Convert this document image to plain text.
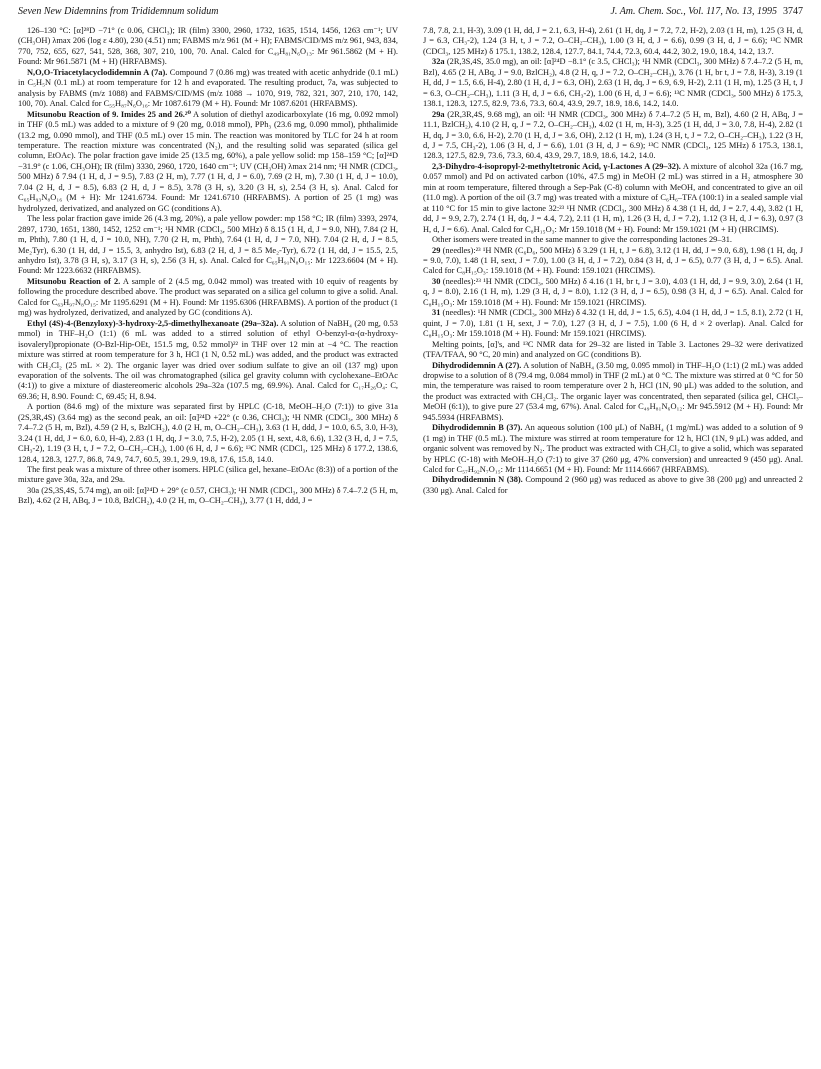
Seven New Didemnins from Trididemnum solidum	J. Am. Chem. Soc., Vol. 117, No. 13, 1995 3747

126–130 °C: [α]²⁸D −71° (c 0.06, CHCl₃); IR (film) 3300, 2960, 1732, 1635, 1514, 1456, 1263 cm⁻¹; UV (CH₃OH) λmax 206 (log ε 4.80), 230 (4.51) nm; FABMS m/z 961 (M + H); FABMS/CID/MS m/z 961, 943, 834, 770, 752, 655, 627, 541, 528, 368, 307, 210, 100, 70. Anal. Calcd for C₄₉H₈₁N₆O₁₃: Mr 961.5862 (M + H). Found: Mr 961.5871 (M + H) (HRFABMS).

N,O,O-Triacetylacyclodidemnin A (7a). Compound 7 (0.86 mg) was treated with acetic anhydride (0.1 mL) in C₅H₅N (0.1 mL) at room temperature for 12 h and evaporated. The resulting product, 7a, was subjected to analysis by FABMS (m/z 1088) and FABMS/CID/MS (m/z 1088 → 1070, 919, 782, 321, 307, 210, 170, 142, 100, 70). Anal. Calcd for C₅₅H₈₇N₆O₁₆: Mr 1087.6179 (M + H). Found: Mr 1087.6201 (HRFABMS).

Mitsunobu Reaction of 9. Imides 25 and 26.²⁰ A solution of diethyl azodicarboxylate (16 mg, 0.092 mmol) in THF (0.5 mL) was added to a mixture of 9 (20 mg, 0.018 mmol), PPh₃ (23.6 mg, 0.090 mmol), phthalimide (13.2 mg, 0.090 mmol), and THF (0.5 mL) over 15 min. The reaction was monitored by TLC for 24 h at room temperature. The reaction mixture was concentrated (N₂), and the resulting solid was separated (silica gel column, EtOAc). The polar fraction gave imide 25 (13.5 mg, 60%), a pale yellow solid: mp 158–159 °C; [α]²⁴D −31.9° (c 1.06, CH₃OH); IR (film) 3330, 2960, 1720, 1640 cm⁻¹; UV (CH₃OH) λmax 214 nm; ¹H NMR (CDCl₃, 500 MHz) δ 7.94 (1 H, d, J = 9.5), 7.83 (2 H, m), 7.77 (1 H, d, J = 6.0), 7.69 (2 H, m), 7.30 (1 H, d, J = 10.0), 7.04 (2 H, d, J = 8.5), 6.83 (2 H, d, J = 8.5), 3.78 (3 H, s), 3.20 (3 H, s), 2.54 (3 H, s). Anal. Calcd for C₆₅H₉₃N₈O₁₆ (M + H): Mr 1241.6734. Found: Mr 1241.6710 (HRFABMS). A portion of 25 (1 mg) was hydrolyzed, derivatized, and analyzed on GC (conditions A).

The less polar fraction gave imide 26 (4.3 mg, 20%), a pale yellow powder: mp 158 °C; IR (film) 3393, 2974, 2897, 1730, 1651, 1380, 1452, 1252 cm⁻¹; ¹H NMR (CDCl₃, 500 MHz) δ 8.15 (1 H, d, J = 9.0, NH), 7.84 (2 H, m, Phth), 7.80 (1 H, d, J = 10.0, NH), 7.70 (2 H, m, Phth), 7.64 (1 H, d, J = 7.0, NH). 7.04 (2 H, d, J = 8.5, Me₂Tyr), 6.30 (1 H, dd, J = 15.5, 3, anhydro Ist), 6.83 (2 H, d, J = 8.5 Me₂-Tyr), 6.72 (1 H, dd, J = 15.5, 2.5, anhydro Ist), 3.78 (3 H, s), 3.17 (3 H, s), 2.56 (3 H, s). Anal. Calcd for C₆₅H₉₁N₈O₁₅: Mr 1223.6604 (M + H). Found: Mr 1223.6632 (HRFABMS).

Mitsunobu Reaction of 2. A sample of 2 (4.5 mg, 0.042 mmol) was treated with 10 equiv of reagents by following the procedure described above. The product was separated on a silica gel column to give a solid. Anal. Calcd for C₆₃H₉₇N₈O₁₅: Mr 1195.6291 (M + H). Found: Mr 1195.6306 (HRFABMS). A portion of the product (1 mg) was hydrolyzed, derivatized, and analyzed by GC (conditions A).

Ethyl (4S)-4-(Benzyloxy)-3-hydroxy-2,5-dimethylhexanoate (29a–32a). A solution of NaBH₄ (20 mg, 0.53 mmol) in THF–H₂O (1:1) (6 mL was added to a stirred solution of ethyl O-benzyl-α-(α-hydroxy-isovaleryl)propionate (O-Bzl-Hip-OEt, 151.5 mg, 0.52 mmol)²² in THF over 12 min at −4 °C. The reaction mixture was stirred at room temperature for 3 h, HCl (1 N, 0.52 mL) was added, and the product was extracted with CH₂Cl₂ (25 mL × 2). The organic layer was dried over sodium sulfate to give an oil (137 mg) upon evaporation of the solvents. The oil was chromatographed (silica gel gravity column with cyclohexane–EtOAc (4:1)) to give a mixture of diastereomeric alcohols 29a–32a (107.5 mg, 69.9%). Anal. Calcd for C₁₇H₂₆O₄: C, 69.36; H, 8.90. Found: C, 69.45; H, 8.94.

A portion (84.6 mg) of the mixture was separated first by HPLC (C-18, MeOH–H₂O (7:1)) to give 31a (2S,3R,4S) (3.64 mg) as the second peak, an oil: [α]²⁴D +22° (c 0.36, CHCl₃); ¹H NMR (CDCl₃, 300 MHz) δ 7.4–7.2 (5 H, m, Bzl), 4.59 (2 H, s, BzlCH₂), 4.0 (2 H, m, O–CH₂–CH₃), 3.63 (1 H, ddd, J = 10.0, 6.5, 3.0, H-3), 3.24 (1 H, dd, J = 6.0, 6.0, H-4), 2.83 (1 H, dq, J = 3.0, 7.5, H-2), 2.05 (1 H, sext, 4.8, 6.6), 1.32 (3 H, d, J = 7.5, CH₃-2), 1.19 (3 H, t, J = 7.2, O–CH₂–CH₃), 1.00 (6 H, d, J = 6.6); ¹³C NMR (CDCl₃, 125 MHz) δ 177.2, 138.6, 128.4, 128.3, 127.7, 86.8, 74.9, 74.7, 60.5, 39.1, 29.9, 19.8, 17.6, 15.8, 14.0.

The first peak was a mixture of three other isomers. HPLC (silica gel, hexane–EtOAc (8:3)) of a portion of the mixture gave 30a, 32a, and 29a.

30a (2S,3S,4S, 5.74 mg), an oil: [α]²⁴D + 29° (c 0.57, CHCl₃); ¹H NMR (CDCl₃, 300 MHz) δ 7.4–7.2 (5 H, m, Bzl), 4.62 (2 H, ABq, J = 10.8, BzlCH₂), 4.0 (2 H, m, O–CH₂–CH₃), 3.77 (1 H, ddd, J =

7.8, 7.8, 2.1, H-3), 3.09 (1 H, dd, J = 2.1, 6.3, H-4), 2.61 (1 H, dq, J = 7.2, 7.2, H-2), 2.03 (1 H, m), 1.25 (3 H, d, J = 6.3, CH₃-2), 1.24 (3 H, t, J = 7.2, O–CH₂–CH₃), 1.00 (3 H, d, J = 6.6), 0.99 (3 H, d, J = 6.6); ¹³C NMR (CDCl₃, 125 MHz) δ 175.1, 138.2, 128.4, 127.7, 84.1, 74.4, 72.3, 60.4, 44.2, 30.2, 19.0, 18.4, 14.2, 13.7.

32a (2R,3S,4S, 35.0 mg), an oil: [α]²⁴D −8.1° (c 3.5, CHCl₃); ¹H NMR (CDCl₃, 300 MHz) δ 7.4–7.2 (5 H, m, Bzl), 4.65 (2 H, ABq, J = 9.0, BzlCH₂), 4.8 (2 H, q, J = 7.2, O–CH₂–CH₃), 3.76 (1 H, br t, J = 7.8, H-3), 3.19 (1 H, dd, J = 1.5, 6.6, H-4), 2.80 (1 H, d, J = 6.3, OH), 2.63 (1 H, dq, J = 6.9, 6.9, H-2), 2.11 (1 H, m), 1.25 (3 H, t, J = 6.3, O–CH₂–CH₃), 1.11 (3 H, d, J = 6.6, CH₃-2), 1.00 (6 H, d, J = 6.6); ¹³C NMR (CDCl₃, 500 MHz) δ 175.3, 138.1, 128.3, 127.5, 82.9, 73.6, 73.3, 60.4, 43.9, 29.7, 18.9, 18.6, 14.2, 14.0.

29a (2R,3R,4S, 9.68 mg), an oil: ¹H NMR (CDCl₃, 300 MHz) δ 7.4–7.2 (5 H, m, Bzl), 4.60 (2 H, ABq, J = 11.1, BzlCH₂), 4.10 (2 H, q, J = 7.2, O–CH₂–CH₃), 4.02 (1 H, m, H-3), 3.25 (1 H, dd, J = 3.0, 7.8, H-4), 2.82 (1 H, dq, J = 3.0, 6.6, H-2), 2.70 (1 H, d, J = 3.6, OH), 2.12 (1 H, m), 1.24 (3 H, t, J = 7.2, O–CH₂–CH₃), 1.22 (3 H, d, J = 7.5, CH₃-2), 1.06 (3 H, d, J = 6.6), 1.01 (3 H, d, J = 6.9); ¹³C NMR (CDCl₃, 125 MHz) δ 175.3, 138.1, 128.3, 127.5, 82.9, 73.6, 73.3, 60.4, 43.9, 29.7, 18.9, 18.6, 14.2, 14.0.

2,3-Dihydro-4-isopropyl-2-methyltetronic Acid, γ-Lactones A (29–32). A mixture of alcohol 32a (16.7 mg, 0.057 mmol) and Pd on activated carbon (10%, 47.5 mg) in MeOH (2 mL) was stirred in a H₂ atmosphere 30 min at room temperature, filtered through a Sep-Pak (C-8) column with MeOH, and concentrated to give an oil (11.0 mg). A portion of the oil (3.7 mg) was treated with a mixture of C₆H₆–TFA (100:1) in a sealed sample vial at 110 °C for 15 min to give lactone 32:²³ ¹H NMR (CDCl₃, 300 MHz) δ 4.38 (1 H, dd, J = 2.7, 4.4), 3.82 (1 H, dd, J = 9.9, 2.7), 2.74 (1 H, dq, J = 4.4, 7.2), 2.11 (1 H, m), 1.26 (3 H, d, J = 7.2), 1.12 (3 H, d, J = 6.3), 0.97 (3 H, d, J = 6.6). Anal. Calcd for C₈H₁₅O₃: Mr 159.1018 (M + H). Found: Mr 159.1021 (M + H) (HRCIMS).

Other isomers were treated in the same manner to give the corresponding lactones 29–31.

29 (needles):²³ ¹H NMR (C₆D₆, 500 MHz) δ 3.29 (1 H, t, J = 6.8), 3.12 (1 H, dd, J = 9.0, 6.8), 1.98 (1 H, dq, J = 9.0, 7.0), 1.48 (1 H, sext, J = 7.0), 1.00 (3 H, d, J = 7.2), 0.84 (3 H, d, J = 6.5), 0.77 (3 H, d, J = 6.5). Anal. Calcd for C₈H₁₅O₃: 159.1018 (M + H). Found: 159.1021 (HRCIMS).

30 (needles):²³ ¹H NMR (CDCl₃, 500 MHz) δ 4.16 (1 H, br t, J = 3.0), 4.03 (1 H, dd, J = 9.9, 3.0), 2.64 (1 H, q, J = 8.0), 2.16 (1 H, m), 1.29 (3 H, d, J = 8.0), 1.12 (3 H, d, J = 6.5), 0.98 (3 H, d, J = 6.5). Anal. Calcd for C₈H₁₅O₃: Mr 159.1018 (M + H). Found: Mr 159.1021 (HRCIMS).

31 (needles): ¹H NMR (CDCl₃, 300 MHz) δ 4.32 (1 H, dd, J = 1.5, 6.5), 4.04 (1 H, dd, J = 1.5, 8.1), 2.72 (1 H, quint, J = 7.0), 1.81 (1 H, sext, J = 7.0), 1.27 (3 H, d, J = 7.5), 1.00 (6 H, d × 2 overlap). Anal. Calcd for C₈H₁₅O₃: Mr 159.1018 (M + H). Found: Mr 159.1021 (HRCIMS).

Melting points, [α]'s, and ¹³C NMR data for 29–32 are listed in Table 3. Lactones 29–32 were derivatized (TFA/TFAA, 90 °C, 20 min) and analyzed on GC (conditions B).

Dihydrodidemnin A (27). A solution of NaBH₄ (3.50 mg, 0.095 mmol) in THF–H₂O (1:1) (2 mL) was added dropwise to a solution of 8 (79.4 mg, 0.084 mmol) in THF (2 mL) at 0 °C. The mixture was stirred at 0 °C for 50 min, the temperature was raised to room temperature over 2 h, HCl (1N, 90 μL) was added to the solution, and the product was extracted with CH₂Cl₂. The organic layer was concentrated, then separated (silica gel, CHCl₃–MeOH (6:1)), to give pure 27 (53.4 mg, 67%). Anal. Calcd for C₄₉H₈₁N₆O₁₂: Mr 945.5912 (M + H). Found: Mr 945.5934 (HRFABMS).

Dihydrodidemnin B (37). An aqueous solution (100 μL) of NaBH₄ (1 mg/mL) was added to a solution of 9 (1 mg) in THF (0.5 mL). The mixture was stirred at room temperature for 12 h, HCl (1N, 9 μL) was added, and organic solvent was removed by N₂. The product was extracted with CH₂Cl₂ to give a solid, which was separated by HPLC (C-18) with MeOH–H₂O (7:1) to give 37 (260 μg, 47% conversion) and unreacted 9 (450 μg). Anal. Calcd for C₅₇H₉₂N₇O₁₅: Mr 1114.6651 (M + H). Found: Mr 1114.6667 (HRFABMS).

Dihydrodidemnin N (38). Compound 2 (960 μg) was reduced as above to give 38 (200 μg) and unreacted 2 (330 μg). Anal. Calcd for
